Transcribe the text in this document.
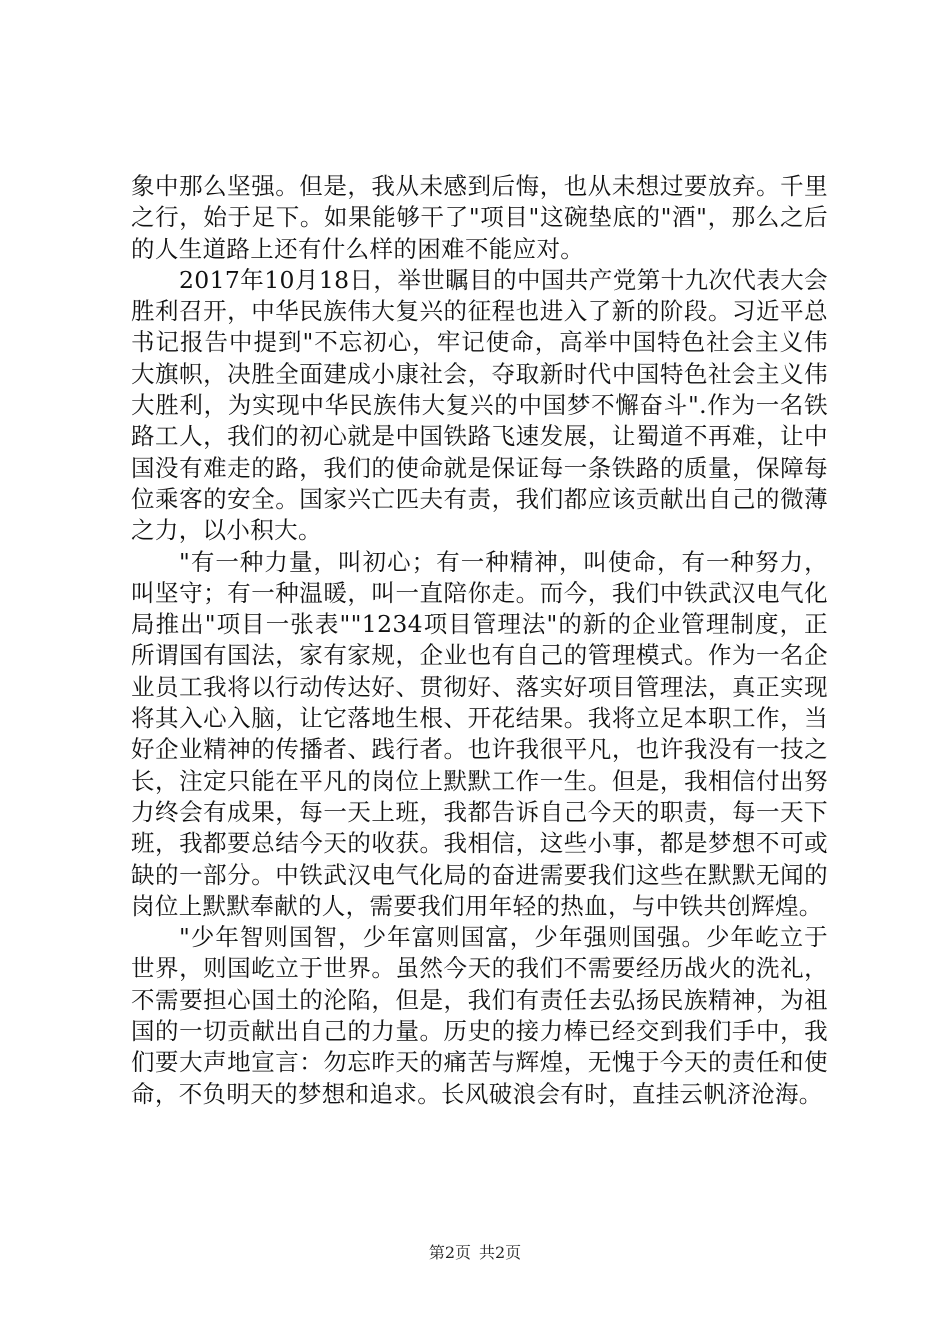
象中那么坚强。但是，我从未感到后悔，也从未想过要放弃。千里之行，始于足下。如果能够干了"项目"这碗垫底的"酒"，那么之后的人生道路上还有什么样的困难不能应对。

2017年10月18日，举世瞩目的中国共产党第十九次代表大会胜利召开，中华民族伟大复兴的征程也进入了新的阶段。习近平总书记报告中提到"不忘初心，牢记使命，高举中国特色社会主义伟大旗帜，决胜全面建成小康社会，夺取新时代中国特色社会主义伟大胜利，为实现中华民族伟大复兴的中国梦不懈奋斗".作为一名铁路工人，我们的初心就是中国铁路飞速发展，让蜀道不再难，让中国没有难走的路，我们的使命就是保证每一条铁路的质量，保障每位乘客的安全。国家兴亡匹夫有责，我们都应该贡献出自己的微薄之力，以小积大。

"有一种力量，叫初心；有一种精神，叫使命，有一种努力，叫坚守；有一种温暖，叫一直陪你走。而今，我们中铁武汉电气化局推出"项目一张表""1234项目管理法"的新的企业管理制度，正所谓国有国法，家有家规，企业也有自己的管理模式。作为一名企业员工我将以行动传达好、贯彻好、落实好项目管理法，真正实现将其入心入脑，让它落地生根、开花结果。我将立足本职工作，当好企业精神的传播者、践行者。也许我很平凡，也许我没有一技之长，注定只能在平凡的岗位上默默工作一生。但是，我相信付出努力终会有成果，每一天上班，我都告诉自己今天的职责，每一天下班，我都要总结今天的收获。我相信，这些小事，都是梦想不可或缺的一部分。中铁武汉电气化局的奋进需要我们这些在默默无闻的岗位上默默奉献的人，需要我们用年轻的热血，与中铁共创辉煌。

"少年智则国智，少年富则国富，少年强则国强。少年屹立于世界，则国屹立于世界。虽然今天的我们不需要经历战火的洗礼，不需要担心国土的沦陷，但是，我们有责任去弘扬民族精神，为祖国的一切贡献出自己的力量。历史的接力棒已经交到我们手中，我们要大声地宣言：勿忘昨天的痛苦与辉煌，无愧于今天的责任和使命，不负明天的梦想和追求。长风破浪会有时，直挂云帆济沧海。

第2页 共2页
